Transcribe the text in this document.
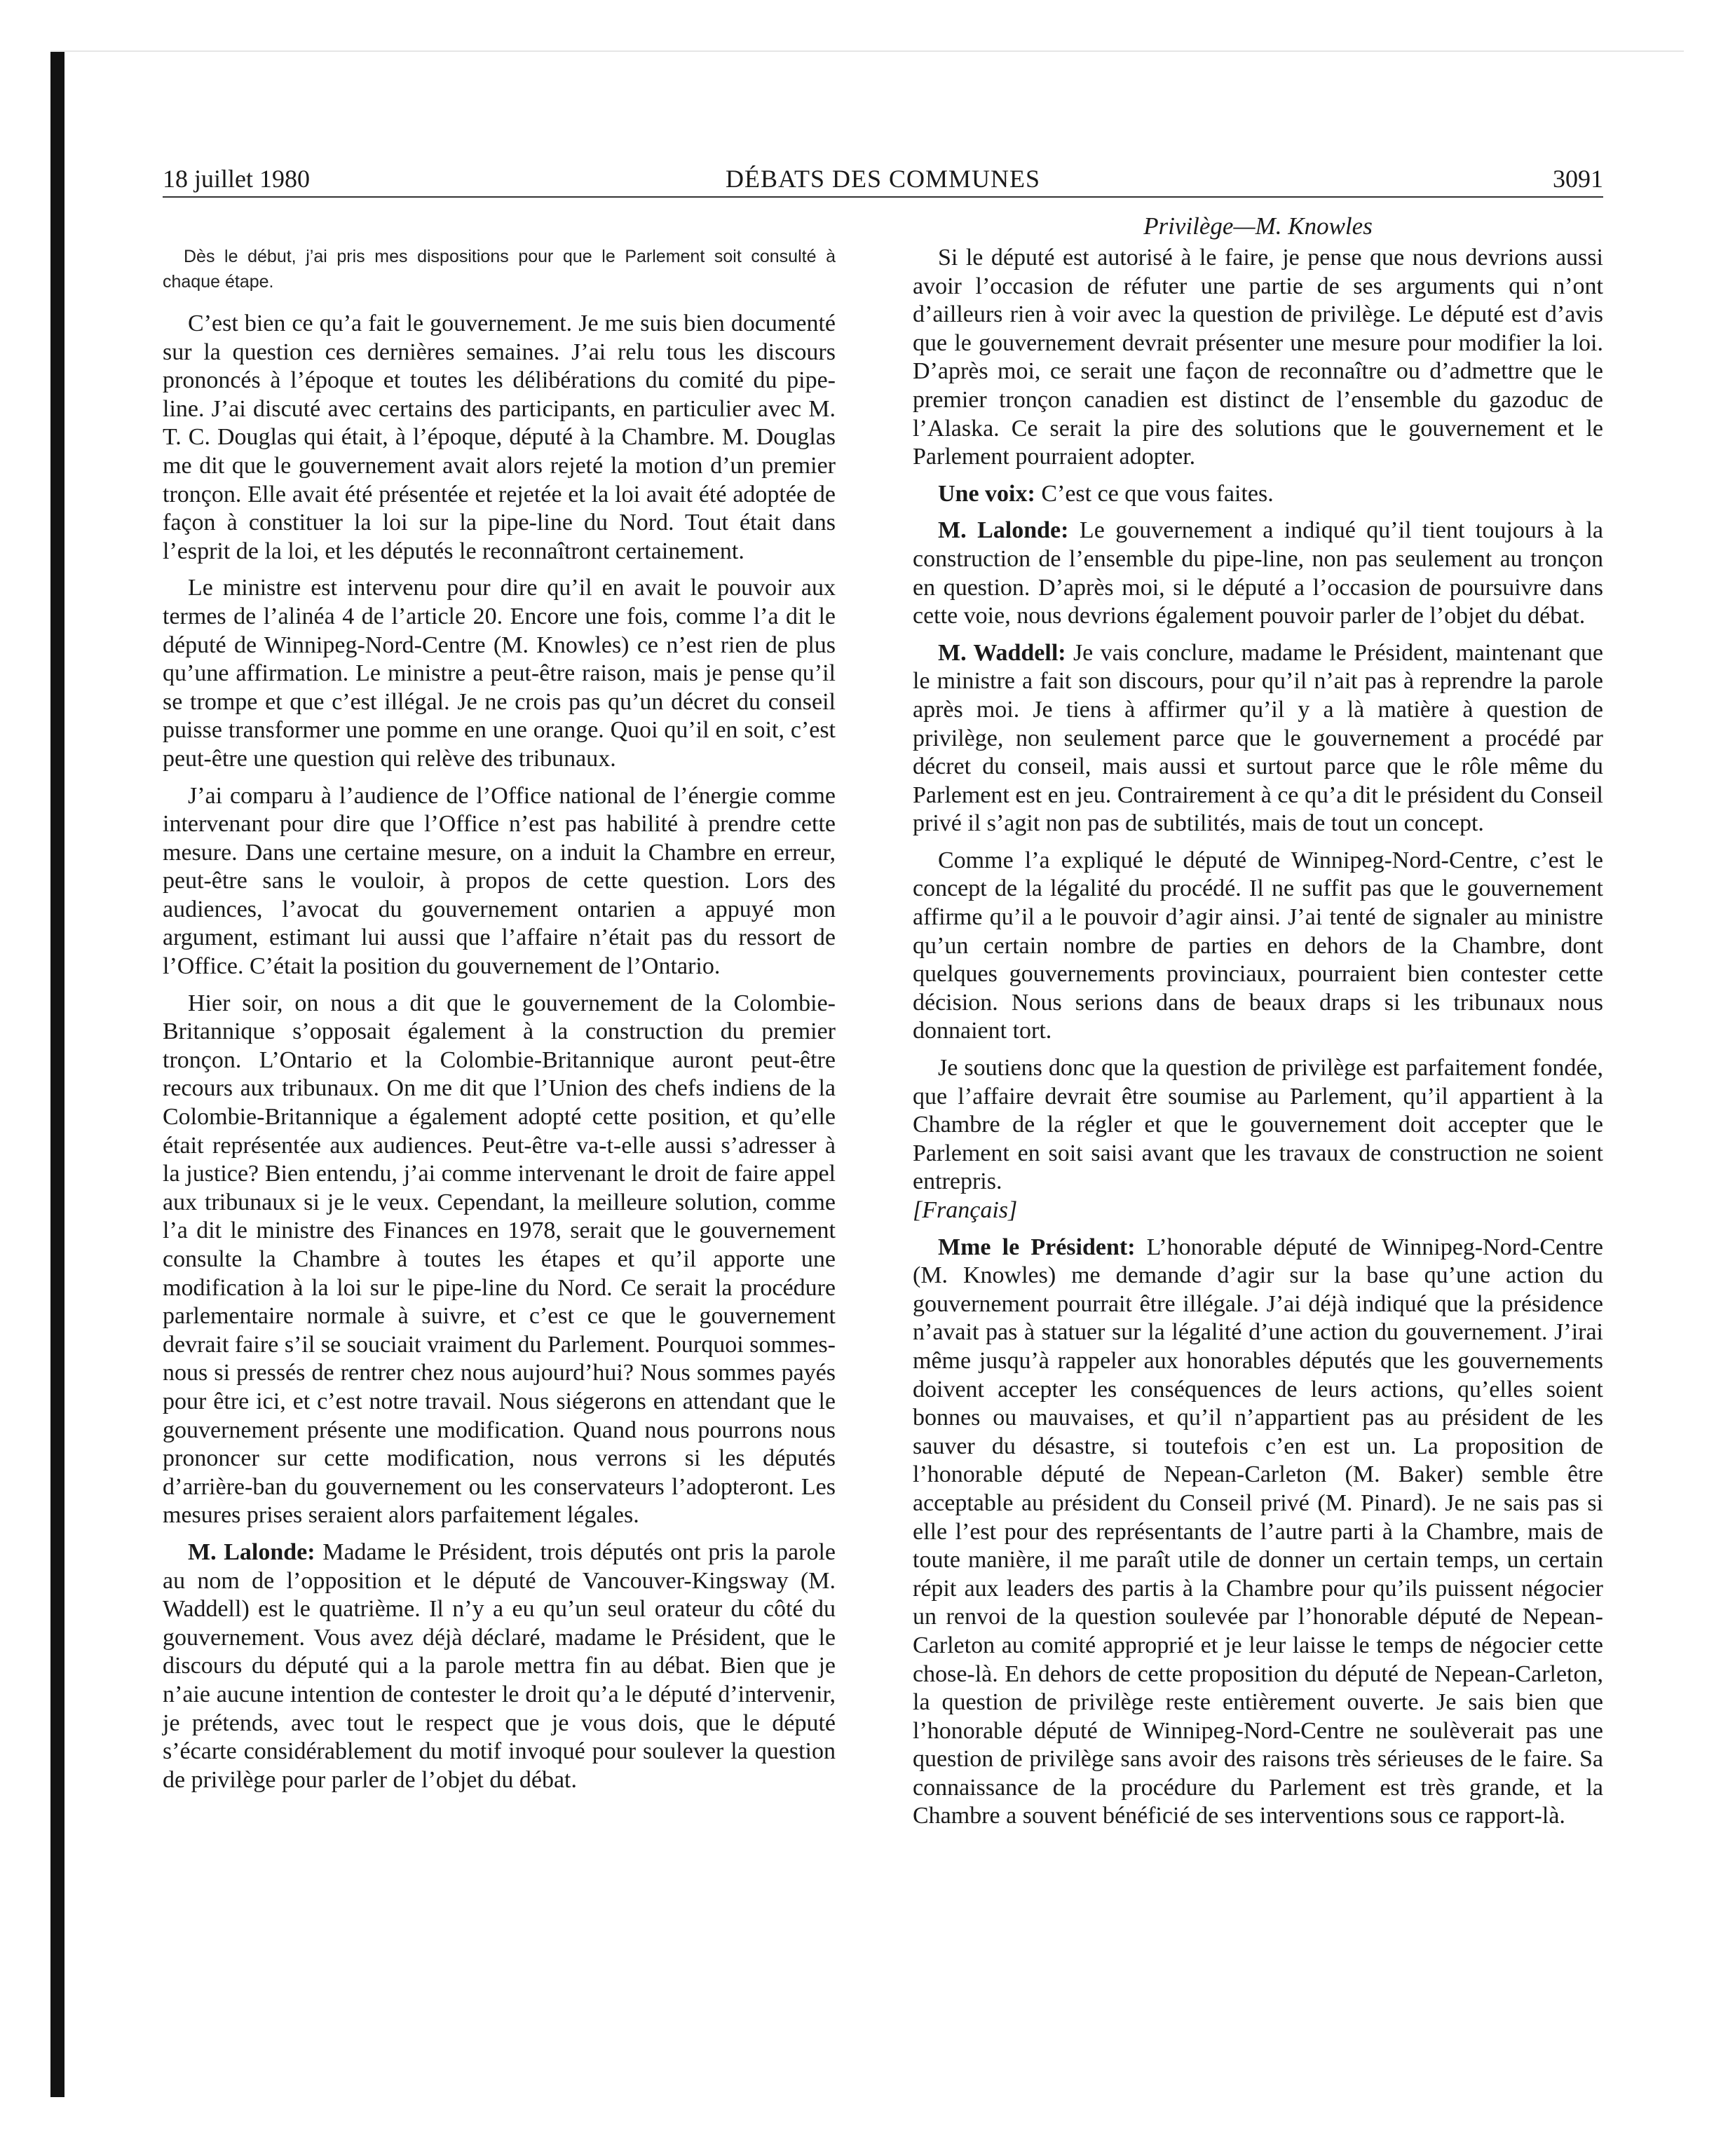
18 juillet 1980	DÉBATS DES COMMUNES	3091

Dès le début, j’ai pris mes dispositions pour que le Parlement soit consulté à chaque étape.

C’est bien ce qu’a fait le gouvernement. Je me suis bien documenté sur la question ces dernières semaines. J’ai relu tous les discours prononcés à l’époque et toutes les délibérations du comité du pipe-line. J’ai discuté avec certains des participants, en particulier avec M. T. C. Douglas qui était, à l’époque, député à la Chambre. M. Douglas me dit que le gouvernement avait alors rejeté la motion d’un premier tronçon. Elle avait été présentée et rejetée et la loi avait été adoptée de façon à constituer la loi sur la pipe-line du Nord. Tout était dans l’esprit de la loi, et les députés le reconnaîtront certainement.

Le ministre est intervenu pour dire qu’il en avait le pouvoir aux termes de l’alinéa 4 de l’article 20. Encore une fois, comme l’a dit le député de Winnipeg-Nord-Centre (M. Knowles) ce n’est rien de plus qu’une affirmation. Le ministre a peut-être raison, mais je pense qu’il se trompe et que c’est illégal. Je ne crois pas qu’un décret du conseil puisse transformer une pomme en une orange. Quoi qu’il en soit, c’est peut-être une question qui relève des tribunaux.

J’ai comparu à l’audience de l’Office national de l’énergie comme intervenant pour dire que l’Office n’est pas habilité à prendre cette mesure. Dans une certaine mesure, on a induit la Chambre en erreur, peut-être sans le vouloir, à propos de cette question. Lors des audiences, l’avocat du gouvernement ontarien a appuyé mon argument, estimant lui aussi que l’affaire n’était pas du ressort de l’Office. C’était la position du gouvernement de l’Ontario.

Hier soir, on nous a dit que le gouvernement de la Colombie-Britannique s’opposait également à la construction du premier tronçon. L’Ontario et la Colombie-Britannique auront peut-être recours aux tribunaux. On me dit que l’Union des chefs indiens de la Colombie-Britannique a également adopté cette position, et qu’elle était représentée aux audiences. Peut-être va-t-elle aussi s’adresser à la justice? Bien entendu, j’ai comme intervenant le droit de faire appel aux tribunaux si je le veux. Cependant, la meilleure solution, comme l’a dit le ministre des Finances en 1978, serait que le gouvernement consulte la Chambre à toutes les étapes et qu’il apporte une modification à la loi sur le pipe-line du Nord. Ce serait la procédure parlementaire normale à suivre, et c’est ce que le gouvernement devrait faire s’il se souciait vraiment du Parlement. Pourquoi sommes-nous si pressés de rentrer chez nous aujourd’hui? Nous sommes payés pour être ici, et c’est notre travail. Nous siégerons en attendant que le gouvernement présente une modification. Quand nous pourrons nous prononcer sur cette modification, nous verrons si les députés d’arrière-ban du gouvernement ou les conservateurs l’adopteront. Les mesures prises seraient alors parfaitement légales.

M. Lalonde: Madame le Président, trois députés ont pris la parole au nom de l’opposition et le député de Vancouver-Kingsway (M. Waddell) est le quatrième. Il n’y a eu qu’un seul orateur du côté du gouvernement. Vous avez déjà déclaré, madame le Président, que le discours du député qui a la parole mettra fin au débat. Bien que je n’aie aucune intention de contester le droit qu’a le député d’intervenir, je prétends, avec tout le respect que je vous dois, que le député s’écarte considérablement du motif invoqué pour soulever la question de privilège pour parler de l’objet du débat.

Privilège—M. Knowles

Si le député est autorisé à le faire, je pense que nous devrions aussi avoir l’occasion de réfuter une partie de ses arguments qui n’ont d’ailleurs rien à voir avec la question de privilège. Le député est d’avis que le gouvernement devrait présenter une mesure pour modifier la loi. D’après moi, ce serait une façon de reconnaître ou d’admettre que le premier tronçon canadien est distinct de l’ensemble du gazoduc de l’Alaska. Ce serait la pire des solutions que le gouvernement et le Parlement pourraient adopter.

Une voix: C’est ce que vous faites.

M. Lalonde: Le gouvernement a indiqué qu’il tient toujours à la construction de l’ensemble du pipe-line, non pas seulement au tronçon en question. D’après moi, si le député a l’occasion de poursuivre dans cette voie, nous devrions également pouvoir parler de l’objet du débat.

M. Waddell: Je vais conclure, madame le Président, maintenant que le ministre a fait son discours, pour qu’il n’ait pas à reprendre la parole après moi. Je tiens à affirmer qu’il y a là matière à question de privilège, non seulement parce que le gouvernement a procédé par décret du conseil, mais aussi et surtout parce que le rôle même du Parlement est en jeu. Contrairement à ce qu’a dit le président du Conseil privé il s’agit non pas de subtilités, mais de tout un concept.

Comme l’a expliqué le député de Winnipeg-Nord-Centre, c’est le concept de la légalité du procédé. Il ne suffit pas que le gouvernement affirme qu’il a le pouvoir d’agir ainsi. J’ai tenté de signaler au ministre qu’un certain nombre de parties en dehors de la Chambre, dont quelques gouvernements provinciaux, pourraient bien contester cette décision. Nous serions dans de beaux draps si les tribunaux nous donnaient tort.

Je soutiens donc que la question de privilège est parfaitement fondée, que l’affaire devrait être soumise au Parlement, qu’il appartient à la Chambre de la régler et que le gouvernement doit accepter que le Parlement en soit saisi avant que les travaux de construction ne soient entrepris.

[Français]

Mme le Président: L’honorable député de Winnipeg-Nord-Centre (M. Knowles) me demande d’agir sur la base qu’une action du gouvernement pourrait être illégale. J’ai déjà indiqué que la présidence n’avait pas à statuer sur la légalité d’une action du gouvernement. J’irai même jusqu’à rappeler aux honorables députés que les gouvernements doivent accepter les conséquences de leurs actions, qu’elles soient bonnes ou mauvaises, et qu’il n’appartient pas au président de les sauver du désastre, si toutefois c’en est un. La proposition de l’honorable député de Nepean-Carleton (M. Baker) semble être acceptable au président du Conseil privé (M. Pinard). Je ne sais pas si elle l’est pour des représentants de l’autre parti à la Chambre, mais de toute manière, il me paraît utile de donner un certain temps, un certain répit aux leaders des partis à la Chambre pour qu’ils puissent négocier un renvoi de la question soulevée par l’honorable député de Nepean-Carleton au comité approprié et je leur laisse le temps de négocier cette chose-là. En dehors de cette proposition du député de Nepean-Carleton, la question de privilège reste entièrement ouverte. Je sais bien que l’honorable député de Winnipeg-Nord-Centre ne soulèverait pas une question de privilège sans avoir des raisons très sérieuses de le faire. Sa connaissance de la procédure du Parlement est très grande, et la Chambre a souvent bénéficié de ses interventions sous ce rapport-là.
